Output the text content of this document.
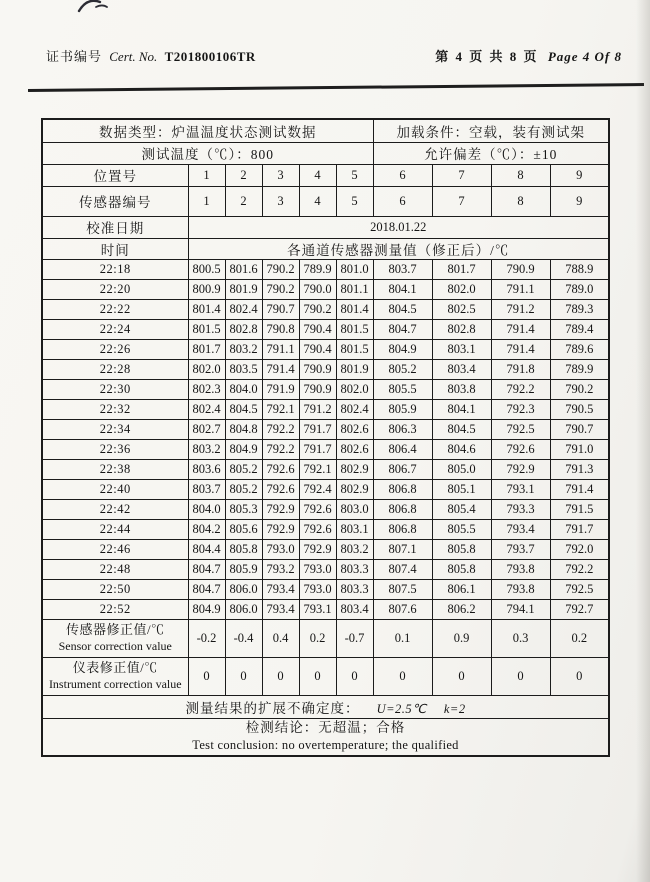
证书编号 Cert. No. T201800106TR	第 4 页 共 8 页 Page 4 Of 8
数据类型：炉温温度状态测试数据						加载条件：空载，装有测试架			
测试温度（℃）：800						允许偏差（℃）：±10			
位置号	1	2	3	4	5	6	7	8	9
传感器编号	1	2	3	4	5	6	7	8	9
校准日期	2018.01.22								
时间	各通道传感器测量值（修正后）/℃								
22:18	800.5	801.6	790.2	789.9	801.0	803.7	801.7	790.9	788.9
22:20	800.9	801.9	790.2	790.0	801.1	804.1	802.0	791.1	789.0
22:22	801.4	802.4	790.7	790.2	801.4	804.5	802.5	791.2	789.3
22:24	801.5	802.8	790.8	790.4	801.5	804.7	802.8	791.4	789.4
22:26	801.7	803.2	791.1	790.4	801.5	804.9	803.1	791.4	789.6
22:28	802.0	803.5	791.4	790.9	801.9	805.2	803.4	791.8	789.9
22:30	802.3	804.0	791.9	790.9	802.0	805.5	803.8	792.2	790.2
22:32	802.4	804.5	792.1	791.2	802.4	805.9	804.1	792.3	790.5
22:34	802.7	804.8	792.2	791.7	802.6	806.3	804.5	792.5	790.7
22:36	803.2	804.9	792.2	791.7	802.6	806.4	804.6	792.6	791.0
22:38	803.6	805.2	792.6	792.1	802.9	806.7	805.0	792.9	791.3
22:40	803.7	805.2	792.6	792.4	802.9	806.8	805.1	793.1	791.4
22:42	804.0	805.3	792.9	792.6	803.0	806.8	805.4	793.3	791.5
22:44	804.2	805.6	792.9	792.6	803.1	806.8	805.5	793.4	791.7
22:46	804.4	805.8	793.0	792.9	803.2	807.1	805.8	793.7	792.0
22:48	804.7	805.9	793.2	793.0	803.3	807.4	805.8	793.8	792.2
22:50	804.7	806.0	793.4	793.0	803.3	807.5	806.1	793.8	792.5
22:52	804.9	806.0	793.4	793.1	803.4	807.6	806.2	794.1	792.7

传感器修正值/℃
Sensor correction value	-0.2	-0.4	0.4	0.2	-0.7	0.1	0.9	0.3	0.2

仪表修正值/℃
Instrument correction value	0	0	0	0	0	0	0	0	0
测量结果的扩展不确定度： U=2.5℃ k=2									

检测结论：无超温；合格
Test conclusion: no overtemperature; the qualified									
